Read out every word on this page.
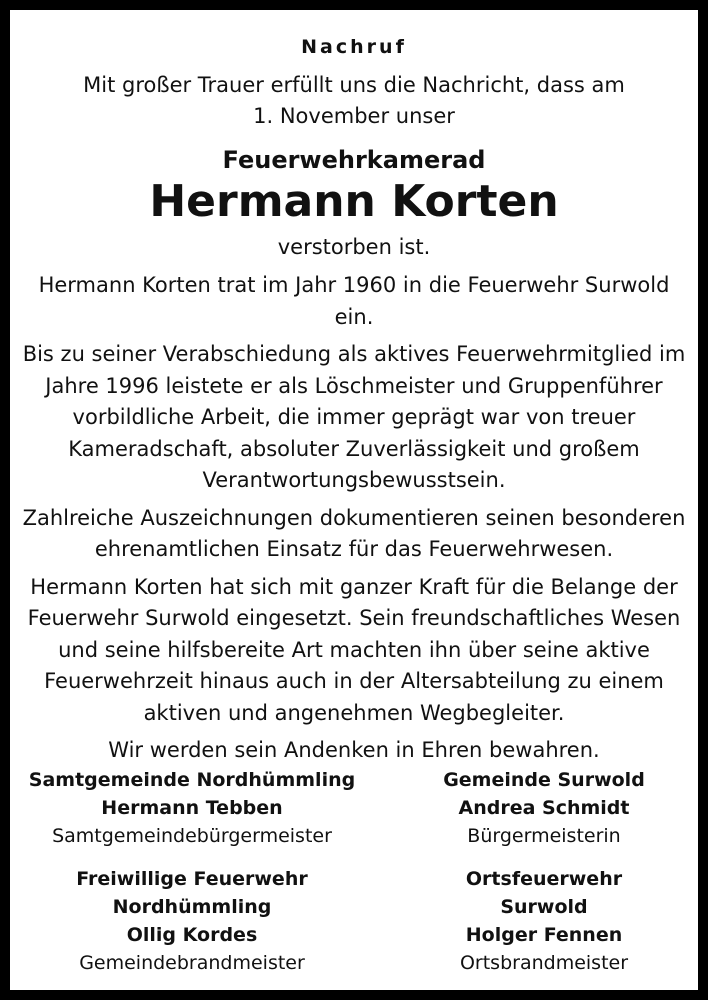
Nachruf
Mit großer Trauer erfüllt uns die Nachricht, dass am
1. November unser
Feuerwehrkamerad
Hermann Korten
verstorben ist.
Hermann Korten trat im Jahr 1960 in die Feuerwehr Surwold ein.
Bis zu seiner Verabschiedung als aktives Feuerwehrmitglied im
Jahre 1996 leistete er als Löschmeister und Gruppenführer
vorbildliche Arbeit, die immer geprägt war von treuer
Kameradschaft, absoluter Zuverlässigkeit und großem
Verantwortungsbewusstsein.
Zahlreiche Auszeichnungen dokumentieren seinen besonderen
ehrenamtlichen Einsatz für das Feuerwehrwesen.
Hermann Korten hat sich mit ganzer Kraft für die Belange der
Feuerwehr Surwold eingesetzt. Sein freundschaftliches Wesen
und seine hilfsbereite Art machten ihn über seine aktive
Feuerwehrzeit hinaus auch in der Altersabteilung zu einem
aktiven und angenehmen Wegbegleiter.
Wir werden sein Andenken in Ehren bewahren.
Samtgemeinde Nordhümmling
Hermann Tebben
Samtgemeindebürgermeister
Gemeinde Surwold
Andrea Schmidt
Bürgermeisterin
Freiwillige Feuerwehr
Nordhümmling
Ollig Kordes
Gemeindebrandmeister
Ortsfeuerwehr
Surwold
Holger Fennen
Ortsbrandmeister
